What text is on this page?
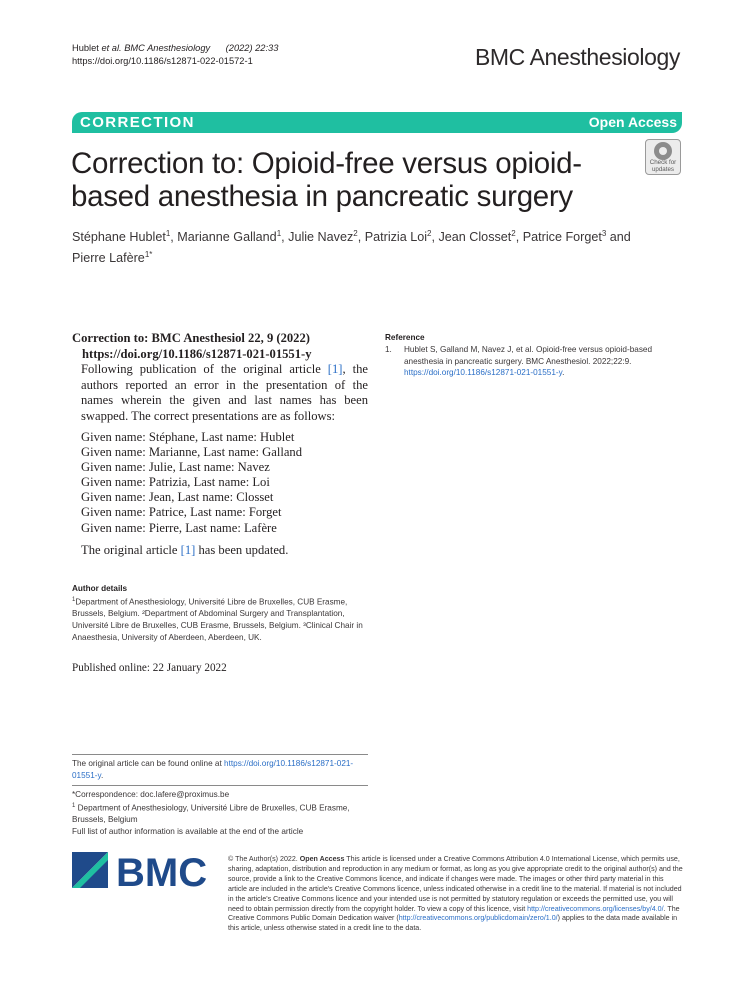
Hublet et al. BMC Anesthesiology (2022) 22:33
https://doi.org/10.1186/s12871-022-01572-1	BMC Anesthesiology
CORRECTION	Open Access
Correction to: Opioid-free versus opioid-based anesthesia in pancreatic surgery
Check for
updates
Stéphane Hublet$^1$, Marianne Galland$^1$, Julie Navez$^2$, Patrizia Loi$^2$, Jean Closset$^2$, Patrice Forget$^3$ and Pierre Lafère$^{1*}$
Correction to: BMC Anesthesiol 22, 9 (2022)
https://doi.org/10.1186/s12871-021-01551-y
Following publication of the original article [1], the authors reported an error in the presentation of the names wherein the given and last names has been swapped. The correct presentations are as follows:
Given name: Stéphane, Last name: Hublet
Given name: Marianne, Last name: Galland
Given name: Julie, Last name: Navez
Given name: Patrizia, Last name: Loi
Given name: Jean, Last name: Closset
Given name: Patrice, Last name: Forget
Given name: Pierre, Last name: Lafère
The original article [1] has been updated.
Author details
$^1$Department of Anesthesiology, Université Libre de Bruxelles, CUB Erasme, Brussels, Belgium. ²Department of Abdominal Surgery and Transplantation, Université Libre de Bruxelles, CUB Erasme, Brussels, Belgium. ³Clinical Chair in Anaesthesia, University of Aberdeen, Aberdeen, UK.
Published online: 22 January 2022
Reference
1. Hublet S, Galland M, Navez J, et al. Opioid-free versus opioid-based anesthesia in pancreatic surgery. BMC Anesthesiol. 2022;22:9. https://doi.org/10.1186/s12871-021-01551-y.
The original article can be found online at https://doi.org/10.1186/s12871-021-01551-y.
*Correspondence: doc.lafere@proximus.be
$^1$ Department of Anesthesiology, Université Libre de Bruxelles, CUB Erasme, Brussels, Belgium
Full list of author information is available at the end of the article
BMC	© The Author(s) 2022. Open Access This article is licensed under a Creative Commons Attribution 4.0 International License, which permits use, sharing, adaptation, distribution and reproduction in any medium or format, as long as you give appropriate credit to the original author(s) and the source, provide a link to the Creative Commons licence, and indicate if changes were made. The images or other third party material in this article are included in the article's Creative Commons licence, unless indicated otherwise in a credit line to the material. If material is not included in the article's Creative Commons licence and your intended use is not permitted by statutory regulation or exceeds the permitted use, you will need to obtain permission directly from the copyright holder. To view a copy of this licence, visit http://creativecommons.org/licenses/by/4.0/. The Creative Commons Public Domain Dedication waiver (http://creativecommons.org/publicdomain/zero/1.0/) applies to the data made available in this article, unless otherwise stated in a credit line to the data.
